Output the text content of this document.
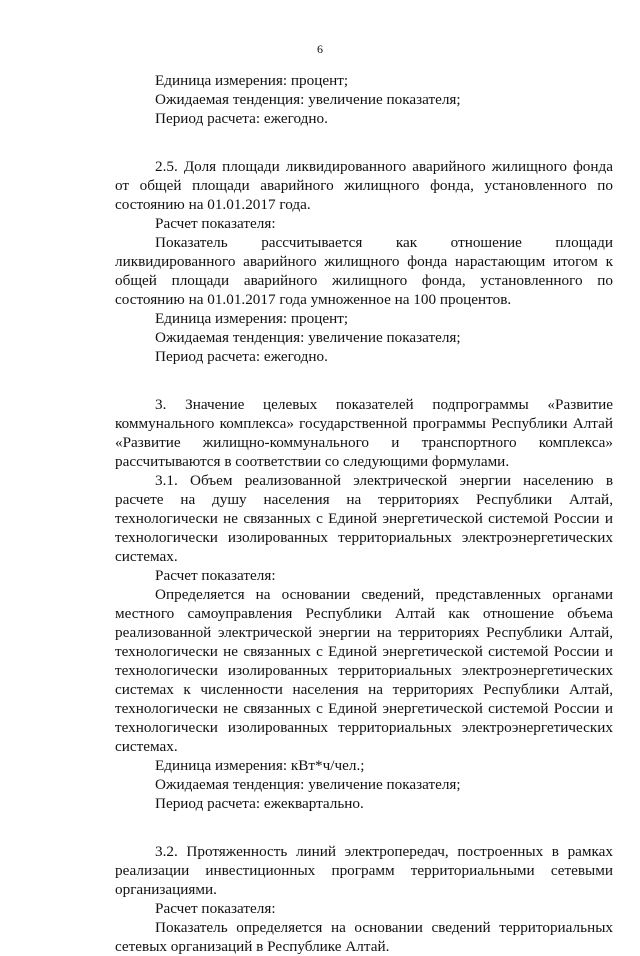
6

Единица измерения: процент;

Ожидаемая тенденция: увеличение показателя;

Период расчета: ежегодно.

2.5. Доля площади ликвидированного аварийного жилищного фонда от общей площади аварийного жилищного фонда, установленного по состоянию на 01.01.2017 года.

Расчет показателя:

Показатель рассчитывается как отношение площади ликвидированного аварийного жилищного фонда нарастающим итогом к общей площади аварийного жилищного фонда, установленного по состоянию на 01.01.2017 года умноженное на 100 процентов.

Единица измерения: процент;

Ожидаемая тенденция: увеличение показателя;

Период расчета: ежегодно.

3. Значение целевых показателей подпрограммы «Развитие коммунального комплекса» государственной программы Республики Алтай «Развитие жилищно-коммунального и транспортного комплекса» рассчитываются в соответствии со следующими формулами.

3.1. Объем реализованной электрической энергии населению в расчете на душу населения на территориях Республики Алтай, технологически не связанных с Единой энергетической системой России и технологически изолированных территориальных электроэнергетических системах.

Расчет показателя:

Определяется на основании сведений, представленных органами местного самоуправления Республики Алтай как отношение объема реализованной электрической энергии на территориях Республики Алтай, технологически не связанных с Единой энергетической системой России и технологически изолированных территориальных электроэнергетических системах к численности населения на территориях Республики Алтай, технологически не связанных с Единой энергетической системой России и технологически изолированных территориальных электроэнергетических системах.

Единица измерения: кВт*ч/чел.;

Ожидаемая тенденция: увеличение показателя;

Период расчета: ежеквартально.

3.2. Протяженность линий электропередач, построенных в рамках реализации инвестиционных программ территориальными сетевыми организациями.

Расчет показателя:

Показатель определяется на основании сведений территориальных сетевых организаций в Республике Алтай.
